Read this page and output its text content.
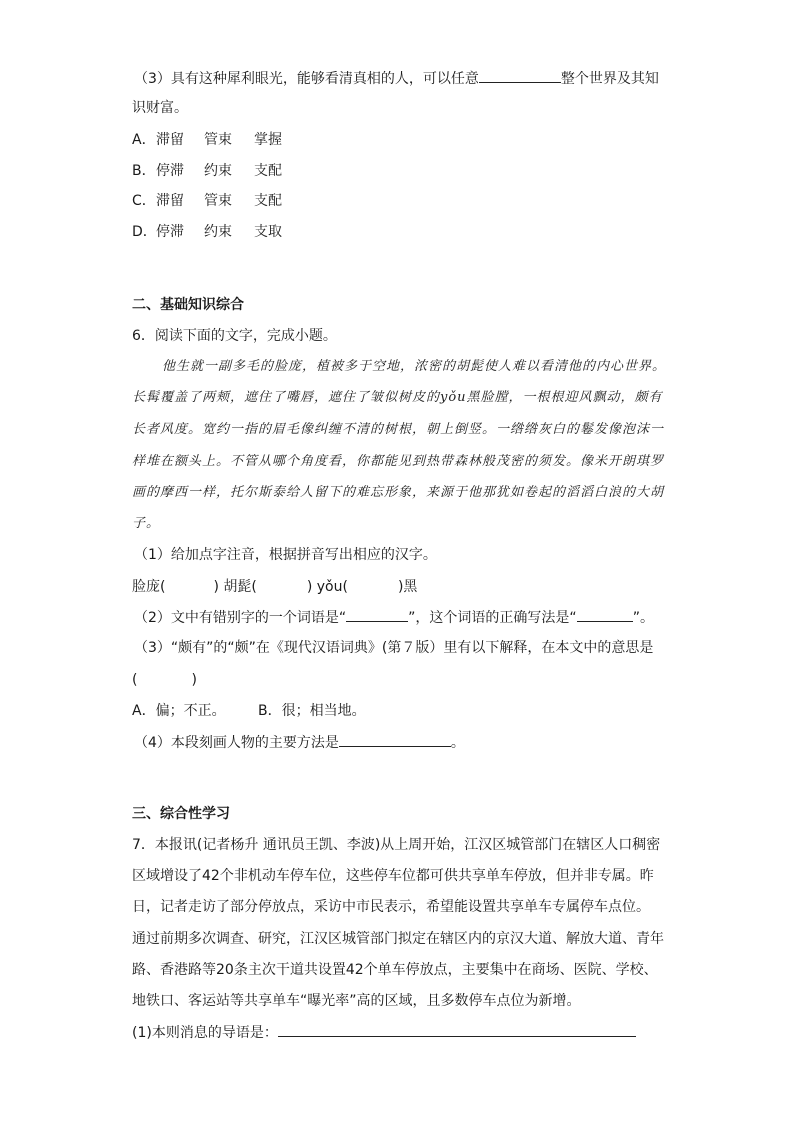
（3）具有这种犀利眼光，能够看清真相的人，可以任意	整个世界及其知
识财富。
A．滞留 管束 掌握
B．停滞 约束 支配
C．滞留 管束 支配
D．停滞 约束 支取
二、基础知识综合
6．阅读下面的文字，完成小题。
他生就一副多毛的脸庞，植被多于空地，浓密的胡髭使人难以看清他的内心世界。
长髯覆盖了两颊，遮住了嘴唇，遮住了皱似树皮的yǒu黑脸膛，一根根迎风飘动，颇有
长者风度。宽约一指的眉毛像纠缠不清的树根，朝上倒竖。一绺绺灰白的鬈发像泡沫一
样堆在额头上。不管从哪个角度看，你都能见到热带森林般茂密的须发。像米开朗琪罗
画的摩西一样，托尔斯泰给人留下的难忘形象，来源于他那犹如卷起的滔滔白浪的大胡
子。
（1）给加点字注音，根据拼音写出相应的汉字。
脸庞(	) 胡髭(	) yǒu(	)黑
（2）文中有错别字的一个词语是“	”，这个词语的正确写法是“	”。
（3）“颇有”的“颇”在《现代汉语词典》(第７版）里有以下解释，在本文中的意思是
(	)
A．偏；不正。 B．很；相当地。
（4）本段刻画人物的主要方法是	。
三、综合性学习
7．本报讯(记者杨升 通讯员王凯、李波)从上周开始，江汉区城管部门在辖区人口稠密
区域增设了42个非机动车停车位，这些停车位都可供共享单车停放，但并非专属。昨
日，记者走访了部分停放点，采访中市民表示，希望能设置共享单车专属停车点位。
通过前期多次调查、研究，江汉区城管部门拟定在辖区内的京汉大道、解放大道、青年
路、香港路等20条主次干道共设置42个单车停放点，主要集中在商场、医院、学校、
地铁口、客运站等共享单车“曝光率”高的区域，且多数停车点位为新增。
(1)本则消息的导语是：
